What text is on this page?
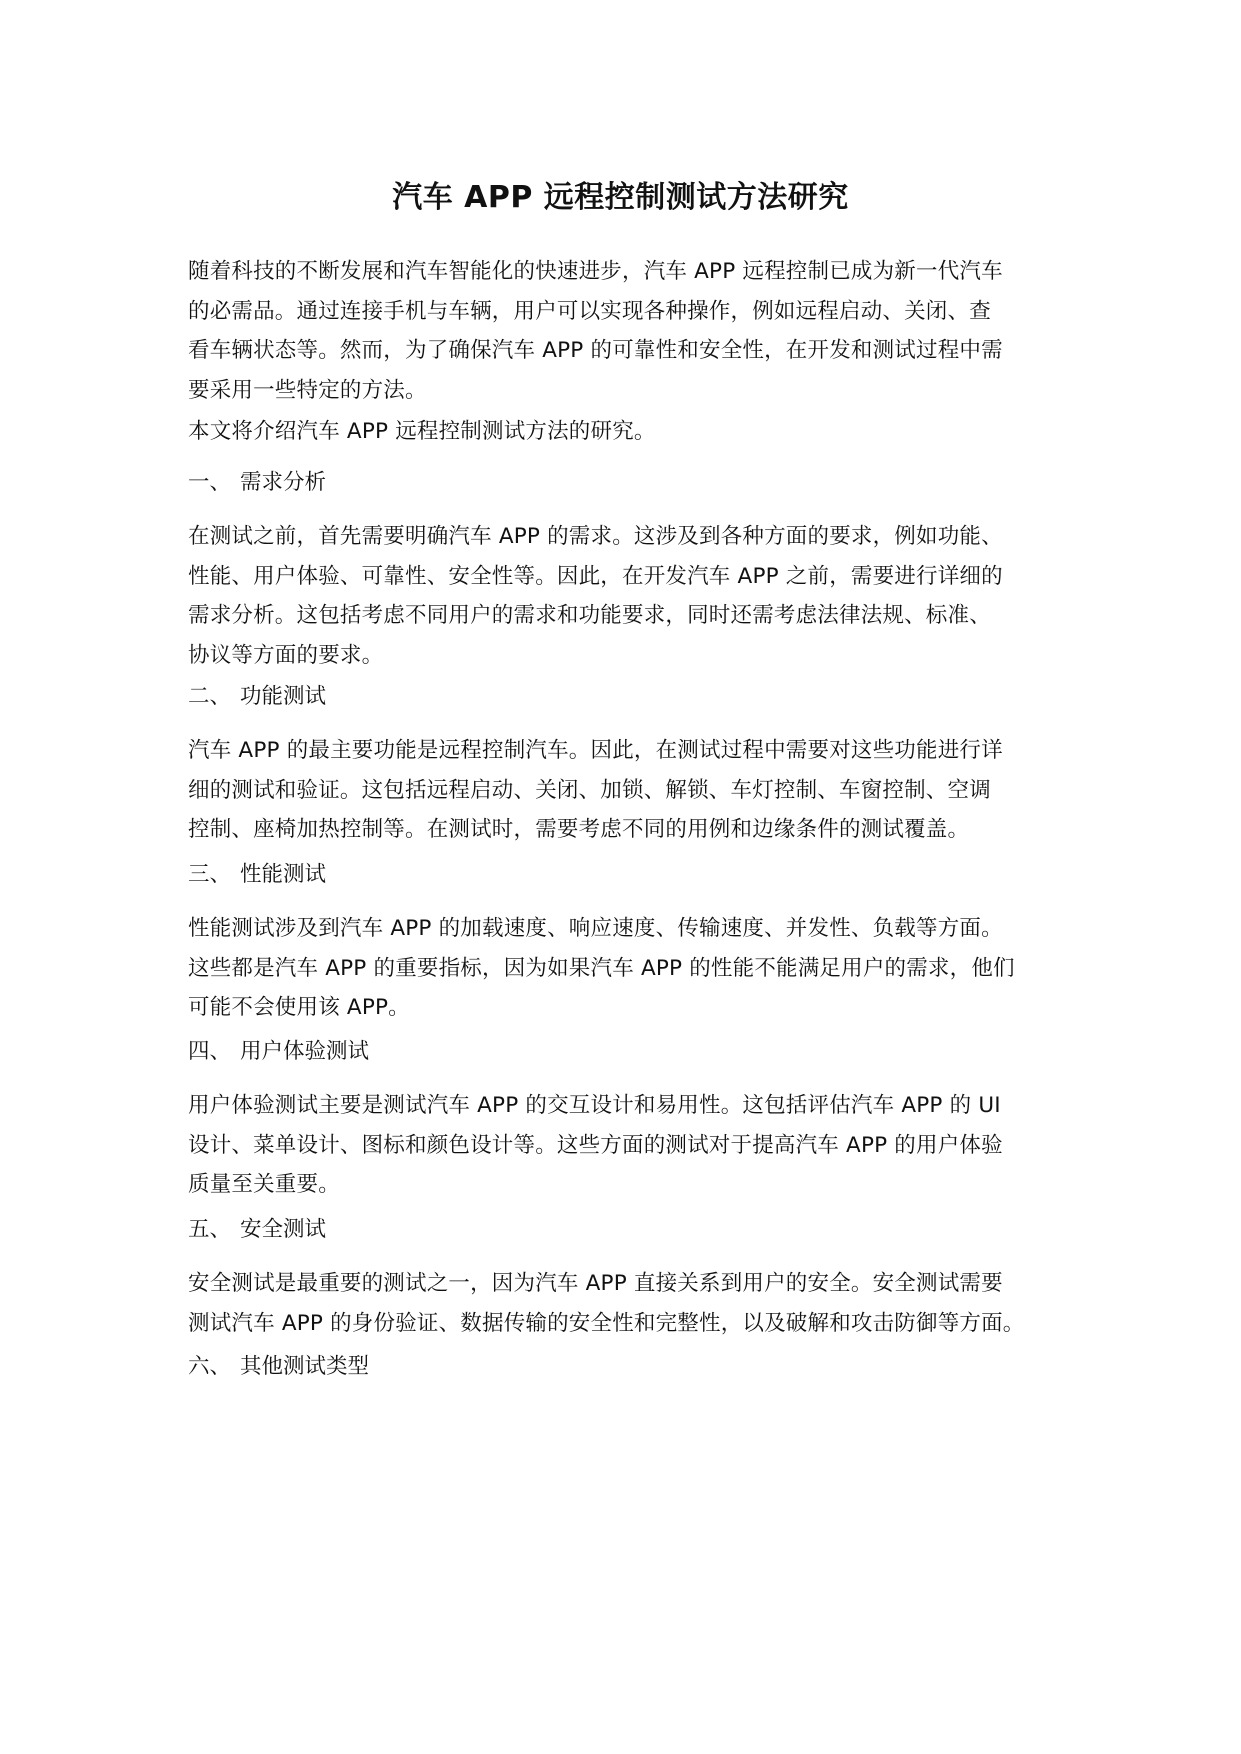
汽车 APP 远程控制测试方法研究
随着科技的不断发展和汽车智能化的快速进步，汽车 APP 远程控制已成为新一代汽车
的必需品。通过连接手机与车辆，用户可以实现各种操作，例如远程启动、关闭、查
看车辆状态等。然而，为了确保汽车 APP 的可靠性和安全性，在开发和测试过程中需
要采用一些特定的方法。
本文将介绍汽车 APP 远程控制测试方法的研究。
一、 需求分析
在测试之前，首先需要明确汽车 APP 的需求。这涉及到各种方面的要求，例如功能、
性能、用户体验、可靠性、安全性等。因此，在开发汽车 APP 之前，需要进行详细的
需求分析。这包括考虑不同用户的需求和功能要求，同时还需考虑法律法规、标准、
协议等方面的要求。
二、 功能测试
汽车 APP 的最主要功能是远程控制汽车。因此，在测试过程中需要对这些功能进行详
细的测试和验证。这包括远程启动、关闭、加锁、解锁、车灯控制、车窗控制、空调
控制、座椅加热控制等。在测试时，需要考虑不同的用例和边缘条件的测试覆盖。
三、 性能测试
性能测试涉及到汽车 APP 的加载速度、响应速度、传输速度、并发性、负载等方面。
这些都是汽车 APP 的重要指标，因为如果汽车 APP 的性能不能满足用户的需求，他们
可能不会使用该 APP。
四、 用户体验测试
用户体验测试主要是测试汽车 APP 的交互设计和易用性。这包括评估汽车 APP 的 UI
设计、菜单设计、图标和颜色设计等。这些方面的测试对于提高汽车 APP 的用户体验
质量至关重要。
五、 安全测试
安全测试是最重要的测试之一，因为汽车 APP 直接关系到用户的安全。安全测试需要
测试汽车 APP 的身份验证、数据传输的安全性和完整性，以及破解和攻击防御等方面。
六、 其他测试类型
